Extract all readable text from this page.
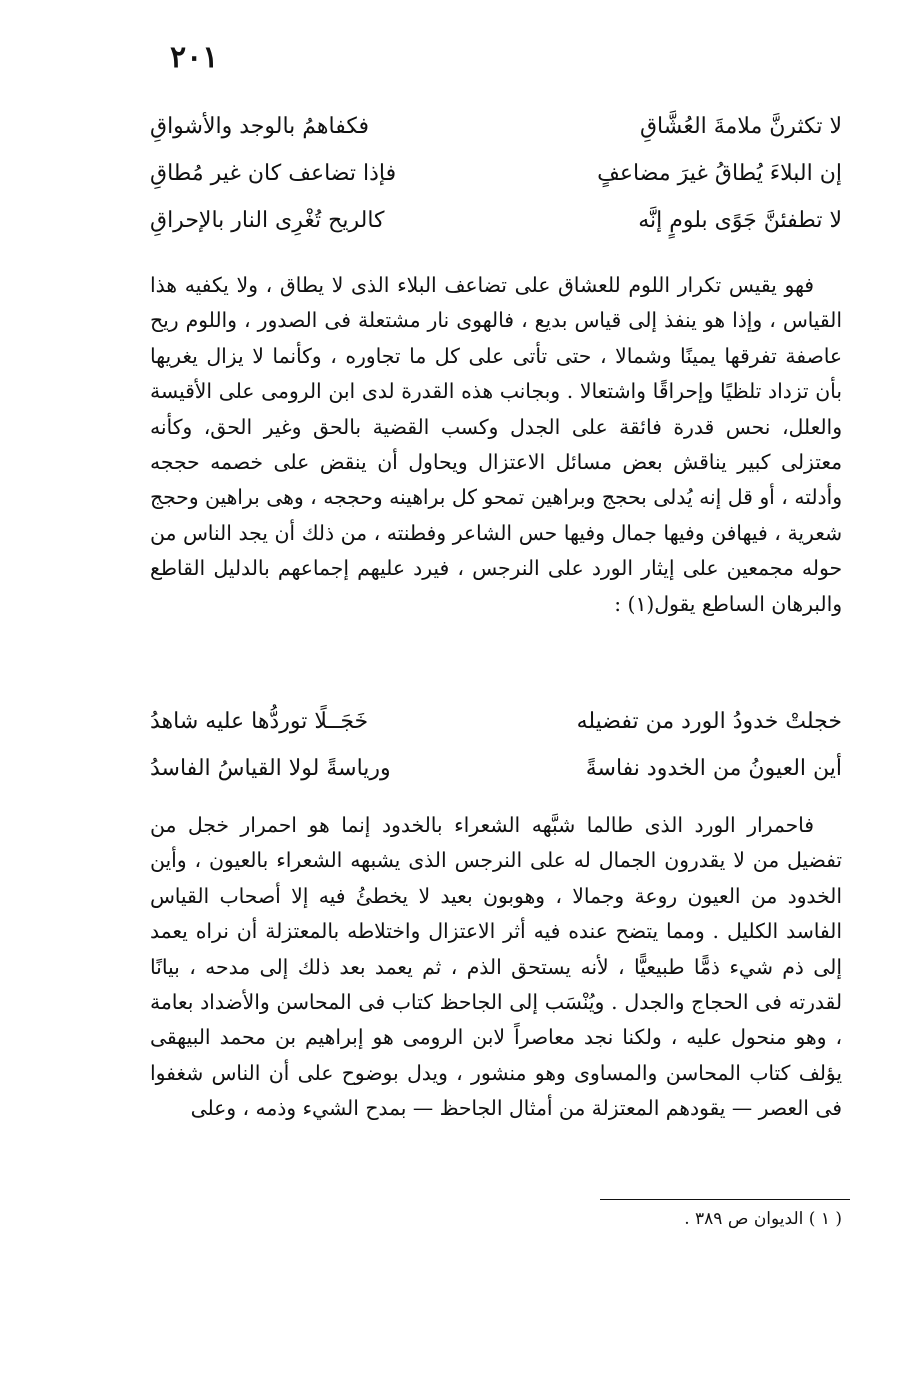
٢٠١
لا تكثرنَّ ملامةَ العُشَّاقِ
فكفاهمُ بالوجد والأشواقِ
إن البلاءَ يُطاقُ غيرَ مضاعفٍ
فإذا تضاعف كان غير مُطاقِ
لا تطفئنَّ جَوًى بلومٍ إنَّه
كالريح تُغْرِى النار بالإحراقِ

فهو يقيس تكرار اللوم للعشاق على تضاعف البلاء الذى لا يطاق ، ولا يكفيه هذا القياس ، وإذا هو ينفذ إلى قياس بديع ، فالهوى نار مشتعلة فى الصدور ، واللوم ريح عاصفة تفرقها يمينًا وشمالا ، حتى تأتى على كل ما تجاوره ، وكأنما لا يزال يغريها بأن تزداد تلظيًا وإحراقًا واشتعالا . وبجانب هذه القدرة لدى ابن الرومى على الأقيسة والعلل، نحس قدرة فائقة على الجدل وكسب القضية بالحق وغير الحق، وكأنه معتزلى كبير يناقش بعض مسائل الاعتزال ويحاول أن ينقض على خصمه حججه وأدلته ، أو قل إنه يُدلى بحجج وبراهين تمحو كل براهينه وحججه ، وهى براهين وحجج شعرية ، فيهافن وفيها جمال وفيها حس الشاعر وفطنته ، من ذلك أن يجد الناس من حوله مجمعين على إيثار الورد على النرجس ، فيرد عليهم إجماعهم بالدليل القاطع والبرهان الساطع يقول(١) :

خجلتْ خدودُ الورد من تفضيله
خَجَــلًا توردُّها عليه شاهدُ
أين العيونُ من الخدود نفاسةً
ورياسةً لولا القياسُ الفاسدُ

فاحمرار الورد الذى طالما شبَّهه الشعراء بالخدود إنما هو احمرار خجل من تفضيل من لا يقدرون الجمال له على النرجس الذى يشبهه الشعراء بالعيون ، وأين الخدود من العيون روعة وجمالا ، وهوبون بعيد لا يخطئُ فيه إلا أصحاب القياس الفاسد الكليل . ومما يتضح عنده فيه أثر الاعتزال واختلاطه بالمعتزلة أن نراه يعمد إلى ذم شيء ذمًّا طبيعيًّا ، لأنه يستحق الذم ، ثم يعمد بعد ذلك إلى مدحه ، بيانًا لقدرته فى الحجاج والجدل . ويُنْسَب إلى الجاحظ كتاب فى المحاسن والأضداد بعامة ، وهو منحول عليه ، ولكنا نجد معاصراً لابن الرومى هو إبراهيم بن محمد البيهقى يؤلف كتاب المحاسن والمساوى وهو منشور ، ويدل بوضوح على أن الناس شغفوا فى العصر — يقودهم المعتزلة من أمثال الجاحظ — بمدح الشيء وذمه ، وعلى

( ١ ) الديوان ص ٣٨٩ .
